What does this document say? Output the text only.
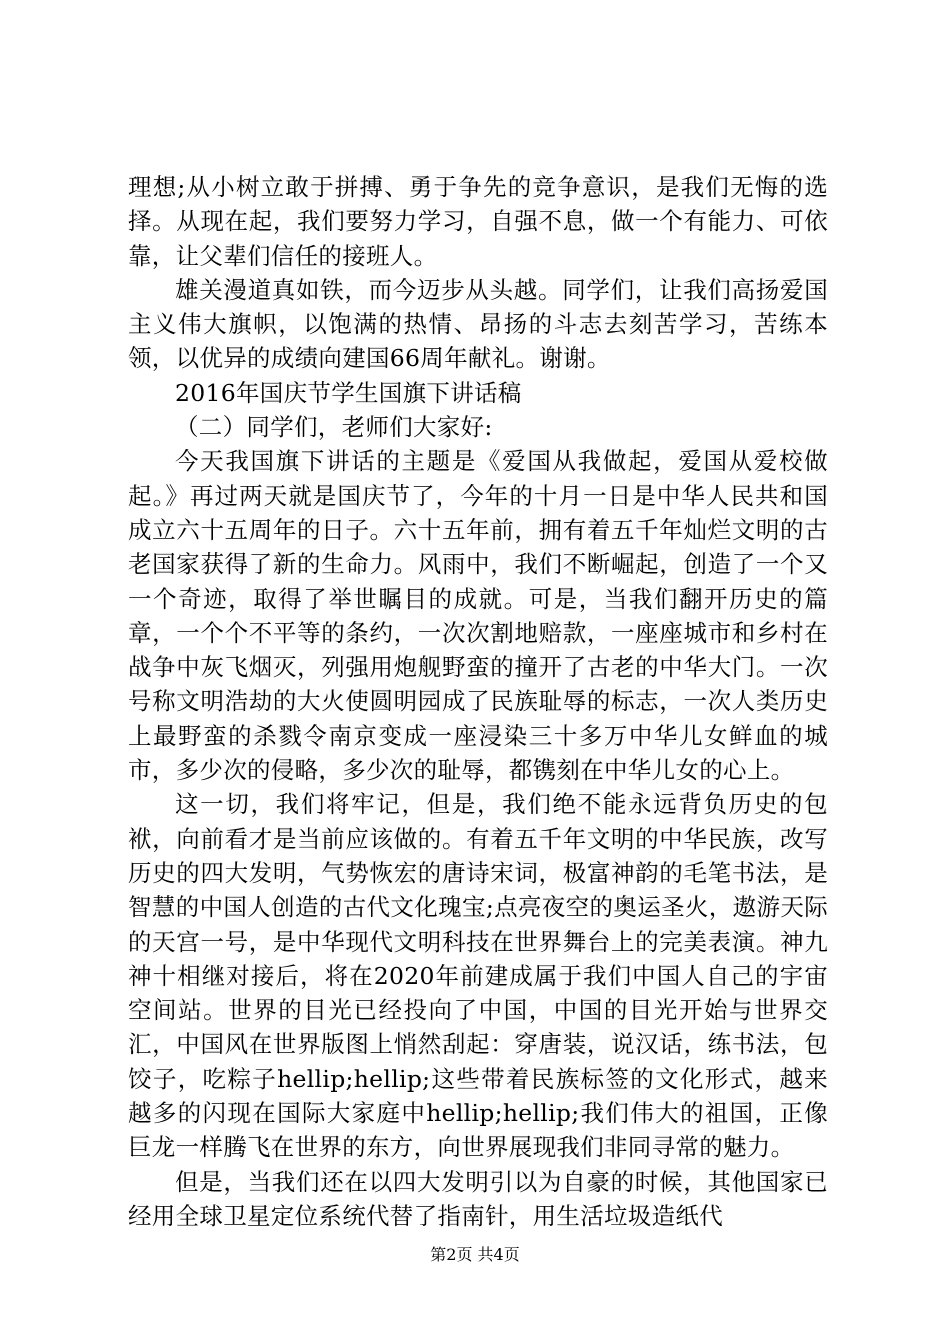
理想;从小树立敢于拼搏、勇于争先的竞争意识，是我们无悔的选择。从现在起，我们要努力学习，自强不息，做一个有能力、可依靠，让父辈们信任的接班人。

雄关漫道真如铁，而今迈步从头越。同学们，让我们高扬爱国主义伟大旗帜，以饱满的热情、昂扬的斗志去刻苦学习，苦练本领，以优异的成绩向建国66周年献礼。谢谢。

2016年国庆节学生国旗下讲话稿

（二）同学们，老师们大家好:

今天我国旗下讲话的主题是《爱国从我做起，爱国从爱校做起。》再过两天就是国庆节了，今年的十月一日是中华人民共和国成立六十五周年的日子。六十五年前，拥有着五千年灿烂文明的古老国家获得了新的生命力。风雨中，我们不断崛起，创造了一个又一个奇迹，取得了举世瞩目的成就。可是，当我们翻开历史的篇章，一个个不平等的条约，一次次割地赔款，一座座城市和乡村在战争中灰飞烟灭，列强用炮舰野蛮的撞开了古老的中华大门。一次号称文明浩劫的大火使圆明园成了民族耻辱的标志，一次人类历史上最野蛮的杀戮令南京变成一座浸染三十多万中华儿女鲜血的城市，多少次的侵略，多少次的耻辱，都镌刻在中华儿女的心上。

这一切，我们将牢记，但是，我们绝不能永远背负历史的包袱，向前看才是当前应该做的。有着五千年文明的中华民族，改写历史的四大发明，气势恢宏的唐诗宋词，极富神韵的毛笔书法，是智慧的中国人创造的古代文化瑰宝;点亮夜空的奥运圣火，遨游天际的天宫一号，是中华现代文明科技在世界舞台上的完美表演。神九神十相继对接后，将在2020年前建成属于我们中国人自己的宇宙空间站。世界的目光已经投向了中国，中国的目光开始与世界交汇，中国风在世界版图上悄然刮起：穿唐装，说汉话，练书法，包饺子，吃粽子hellip;hellip;这些带着民族标签的文化形式，越来越多的闪现在国际大家庭中hellip;hellip;我们伟大的祖国，正像巨龙一样腾飞在世界的东方，向世界展现我们非同寻常的魅力。

但是，当我们还在以四大发明引以为自豪的时候，其他国家已经用全球卫星定位系统代替了指南针，用生活垃圾造纸代

第2页 共4页
